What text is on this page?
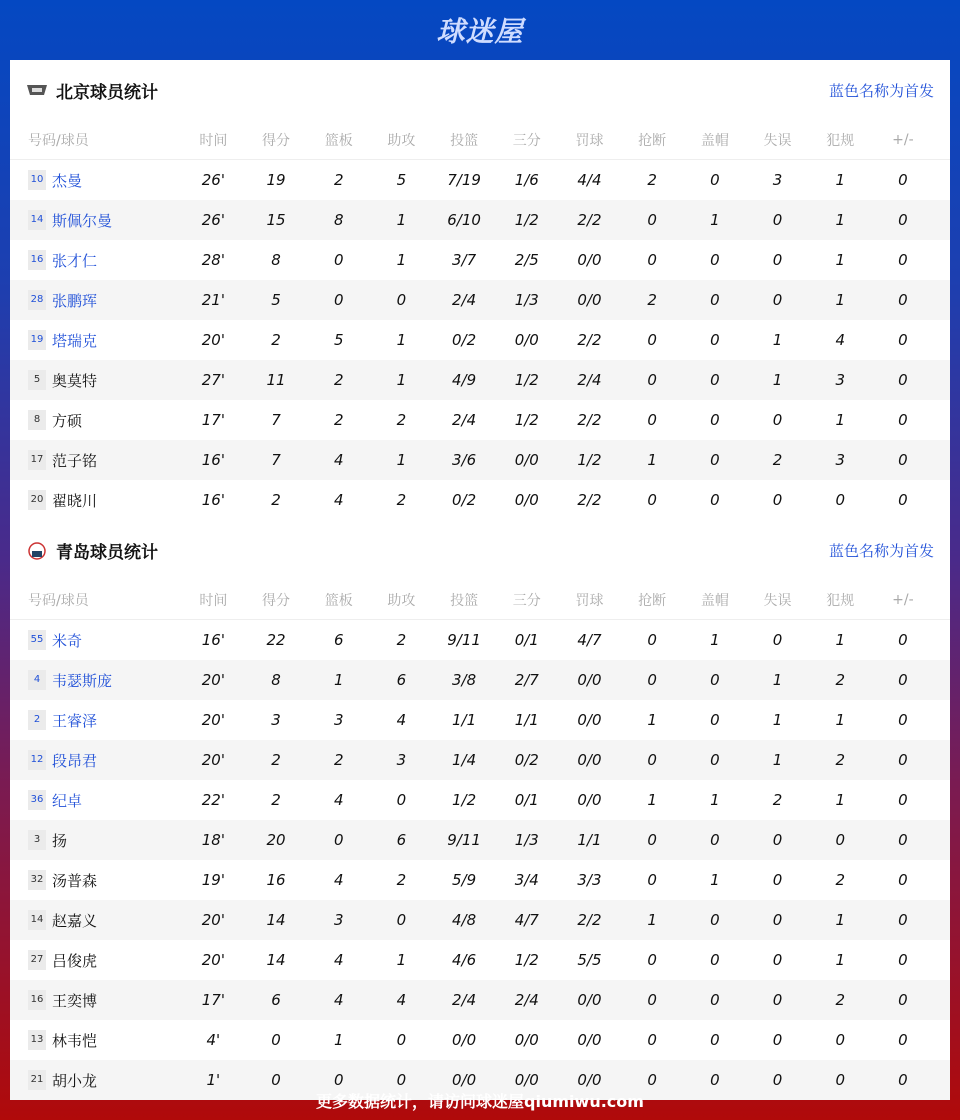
球迷屋
北京球员统计	蓝色名称为首发
号码/球员	时间	得分	篮板	助攻	投篮	三分	罚球	抢断	盖帽	失误	犯规	+/-
10 杰曼	26'	19	2	5	7/19	1/6	4/4	2	0	3	1	0
14 斯佩尔曼	26'	15	8	1	6/10	1/2	2/2	0	1	0	1	0
16 张才仁	28'	8	0	1	3/7	2/5	0/0	0	0	0	1	0
28 张鹏珲	21'	5	0	0	2/4	1/3	0/0	2	0	0	1	0
19 塔瑞克	20'	2	5	1	0/2	0/0	2/2	0	0	1	4	0
5 奥莫特	27'	11	2	1	4/9	1/2	2/4	0	0	1	3	0
8 方硕	17'	7	2	2	2/4	1/2	2/2	0	0	0	1	0
17 范子铭	16'	7	4	1	3/6	0/0	1/2	1	0	2	3	0
20 翟晓川	16'	2	4	2	0/2	0/0	2/2	0	0	0	0	0
青岛球员统计	蓝色名称为首发
号码/球员	时间	得分	篮板	助攻	投篮	三分	罚球	抢断	盖帽	失误	犯规	+/-
55 米奇	16'	22	6	2	9/11	0/1	4/7	0	1	0	1	0
4 韦瑟斯庞	20'	8	1	6	3/8	2/7	0/0	0	0	1	2	0
2 王睿泽	20'	3	3	4	1/1	1/1	0/0	1	0	1	1	0
12 段昂君	20'	2	2	3	1/4	0/2	0/0	0	0	1	2	0
36 纪卓	22'	2	4	0	1/2	0/1	0/0	1	1	2	1	0
3 扬	18'	20	0	6	9/11	1/3	1/1	0	0	0	0	0
32 汤普森	19'	16	4	2	5/9	3/4	3/3	0	1	0	2	0
14 赵嘉义	20'	14	3	0	4/8	4/7	2/2	1	0	0	1	0
27 吕俊虎	20'	14	4	1	4/6	1/2	5/5	0	0	0	1	0
16 王奕博	17'	6	4	4	2/4	2/4	0/0	0	0	0	2	0
13 林韦恺	4'	0	1	0	0/0	0/0	0/0	0	0	0	0	0
21 胡小龙	1'	0	0	0	0/0	0/0	0/0	0	0	0	0	0
更多数据统计，请访问球迷屋qiumiwu.com
